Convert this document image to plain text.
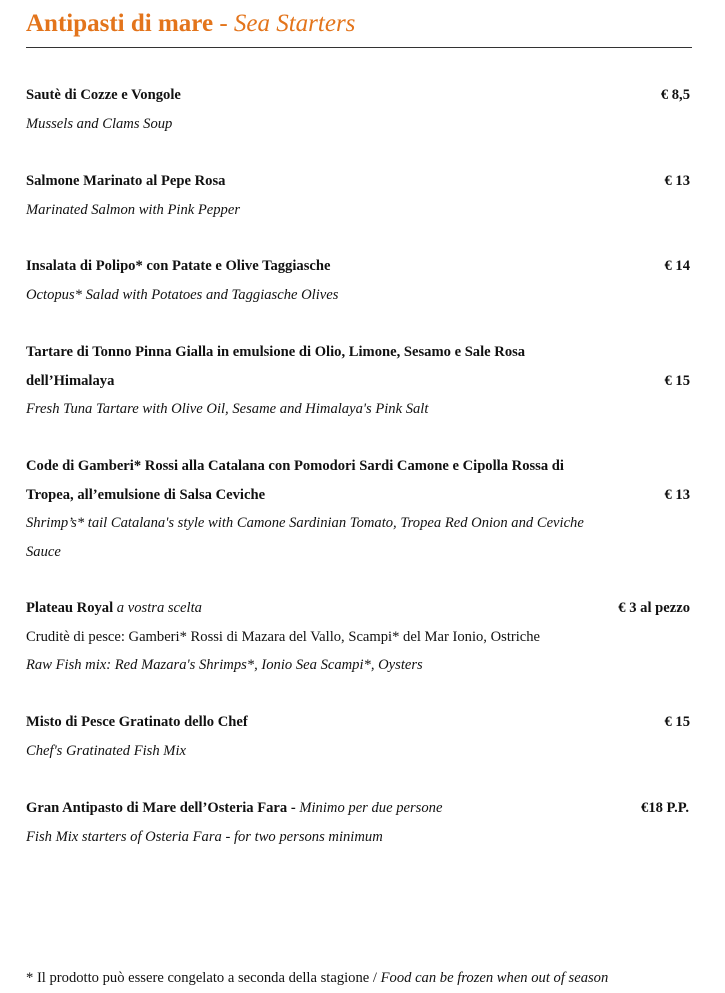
Antipasti di mare - Sea Starters
Sautè di Cozze e Vongole	€ 8,5
Mussels and Clams Soup
Salmone Marinato al Pepe Rosa	€ 13
Marinated Salmon with Pink Pepper
Insalata di Polipo* con Patate e Olive Taggiasche	€ 14
Octopus* Salad with Potatoes and Taggiasche Olives
Tartare di Tonno Pinna Gialla in emulsione di Olio, Limone, Sesamo e Sale Rosa
dell’Himalaya	€ 15
Fresh Tuna Tartare with Olive Oil, Sesame and Himalaya's Pink Salt
Code di Gamberi* Rossi alla Catalana con Pomodori Sardi Camone e Cipolla Rossa di
Tropea, all’emulsione di Salsa Ceviche	€ 13
Shrimp’s* tail Catalana's style with Camone Sardinian Tomato, Tropea Red Onion and Ceviche
Sauce
Plateau Royal a vostra scelta	€ 3 al pezzo
Cruditè di pesce: Gamberi* Rossi di Mazara del Vallo, Scampi* del Mar Ionio, Ostriche
Raw Fish mix: Red Mazara's Shrimps*, Ionio Sea Scampi*, Oysters
Misto di Pesce Gratinato dello Chef	€ 15
Chef's Gratinated Fish Mix
Gran Antipasto di Mare dell’Osteria Fara - Minimo per due persone	€18 P.P.
Fish Mix starters of Osteria Fara - for two persons minimum
* Il prodotto può essere congelato a seconda della stagione / Food can be frozen when out of season
